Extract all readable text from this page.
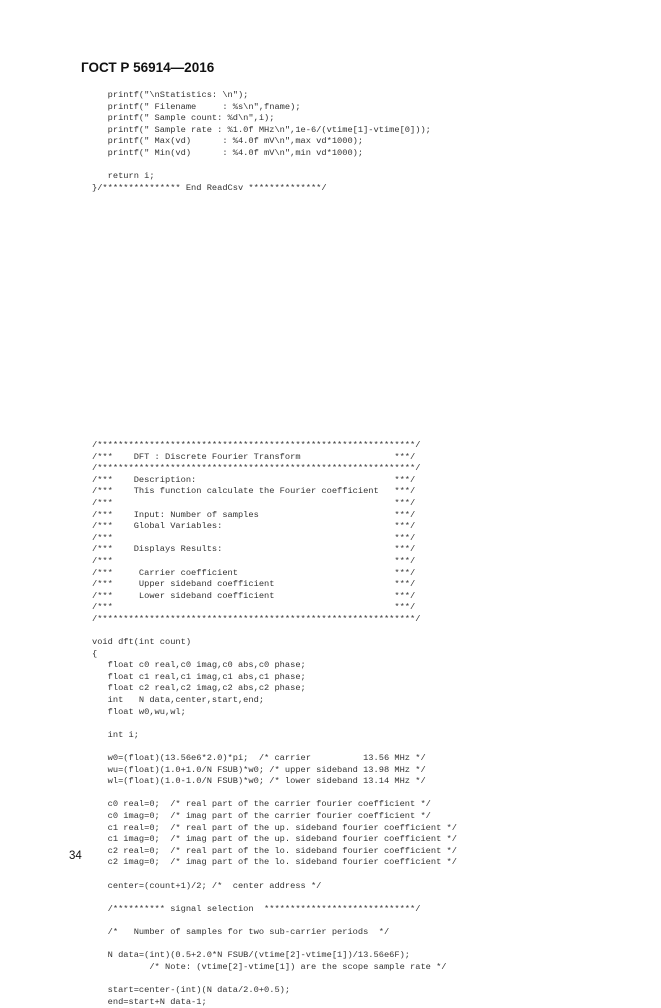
ГОСТ Р 56914—2016
printf("\nStatistics: \n");
printf(" Filename     : %s\n",fname);
printf(" Sample count: %d\n",i);
printf(" Sample rate : %1.0f MHz\n",1e-6/(vtime[1]-vtime[0]));
printf(" Max(vd)      : %4.0f mV\n",max vd*1000);
printf(" Min(vd)      : %4.0f mV\n",min vd*1000);

return i;
}/*************** End ReadCsv **************/

/*************************************************************/
/***    DFT : Discrete Fourier Transform                  ***/
/*************************************************************/
/***    Description:                                      ***/
/***    This function calculate the Fourier coefficient   ***/
/***                                                      ***/
/***    Input: Number of samples                          ***/
/***    Global Variables:                                 ***/
/***                                                      ***/
/***    Displays Results:                                 ***/
/***                                                      ***/
/***     Carrier coefficient                              ***/
/***     Upper sideband coefficient                       ***/
/***     Lower sideband coefficient                       ***/
/***                                                      ***/
/*************************************************************/

void dft(int count)
{
float c0 real,c0 imag,c0 abs,c0 phase;
float c1 real,c1 imag,c1 abs,c1 phase;
float c2 real,c2 imag,c2 abs,c2 phase;
int   N data,center,start,end;
float w0,wu,wl;

int i;

w0=(float)(13.56e6*2.0)*pi;  /* carrier          13.56 MHz */
wu=(float)(1.0+1.0/N FSUB)*w0; /* upper sideband 13.98 MHz */
wl=(float)(1.0-1.0/N FSUB)*w0; /* lower sideband 13.14 MHz */

c0 real=0;  /* real part of the carrier fourier coefficient */
c0 imag=0;  /* imag part of the carrier fourier coefficient */
c1 real=0;  /* real part of the up. sideband fourier coefficient */
c1 imag=0;  /* imag part of the up. sideband fourier coefficient */
c2 real=0;  /* real part of the lo. sideband fourier coefficient */
c2 imag=0;  /* imag part of the lo. sideband fourier coefficient */

center=(count+1)/2; /*  center address */

/********** signal selection  *****************************/

/*   Number of samples for two sub-carrier periods  */

N data=(int)(0.5+2.0*N FSUB/(vtime[2]-vtime[1])/13.56e6F);
/* Note: (vtime[2]-vtime[1]) are the scope sample rate */

start=center-(int)(N data/2.0+0.5);
end=start+N data-1;
34
